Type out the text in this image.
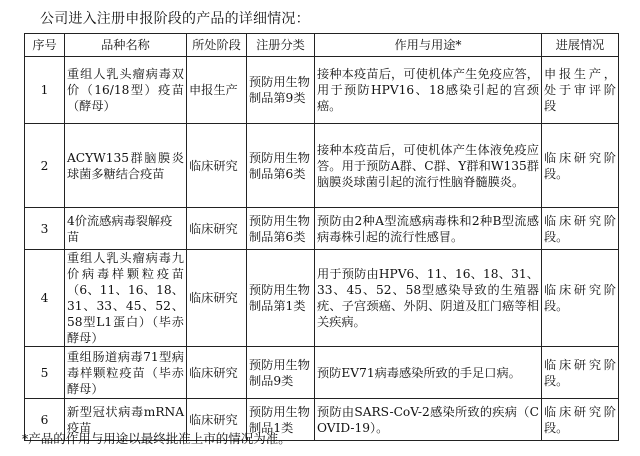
公司进入注册申报阶段的产品的详细情况：
序号	品种名称	所处阶段	注册分类	作用与用途*	进展情况
1	重组人乳头瘤病毒双价（16/18型）疫苗（酵母）	申报生产	预防用生物制品第9类	接种本疫苗后，可使机体产生免疫应答，用于预防HPV16、18感染引起的宫颈癌。	申报生产，处于审评阶段
2	ACYW135群脑膜炎球菌多糖结合疫苗	临床研究	预防用生物制品第6类	接种本疫苗后，可使机体产生体液免疫应答。用于预防A群、C群、Y群和W135群脑膜炎球菌引起的流行性脑脊髓膜炎。	临床研究阶段。
3	4价流感病毒裂解疫苗	临床研究	预防用生物制品第6类	预防由2种A型流感病毒株和2种B型流感病毒株引起的流行性感冒。	临床研究阶段。
4	重组人乳头瘤病毒九价病毒样颗粒疫苗（6、11、16、18、31、33、45、52、58型L1蛋白）（毕赤酵母）	临床研究	预防用生物制品第1类	用于预防由HPV6、11、16、18、31、33、45、52、58型感染导致的生殖器疣、子宫颈癌、外阴、阴道及肛门癌等相关疾病。	临床研究阶段。
5	重组肠道病毒71型病毒样颗粒疫苗（毕赤酵母）	临床研究	预防用生物制品9类	预防EV71病毒感染所致的手足口病。	临床研究阶段。
6	新型冠状病毒mRNA疫苗	临床研究	预防用生物制品1类	预防由SARS-CoV-2感染所致的疾病（COVID-19）。	临床研究阶段。
*产品的作用与用途以最终批准上市的情况为准。
